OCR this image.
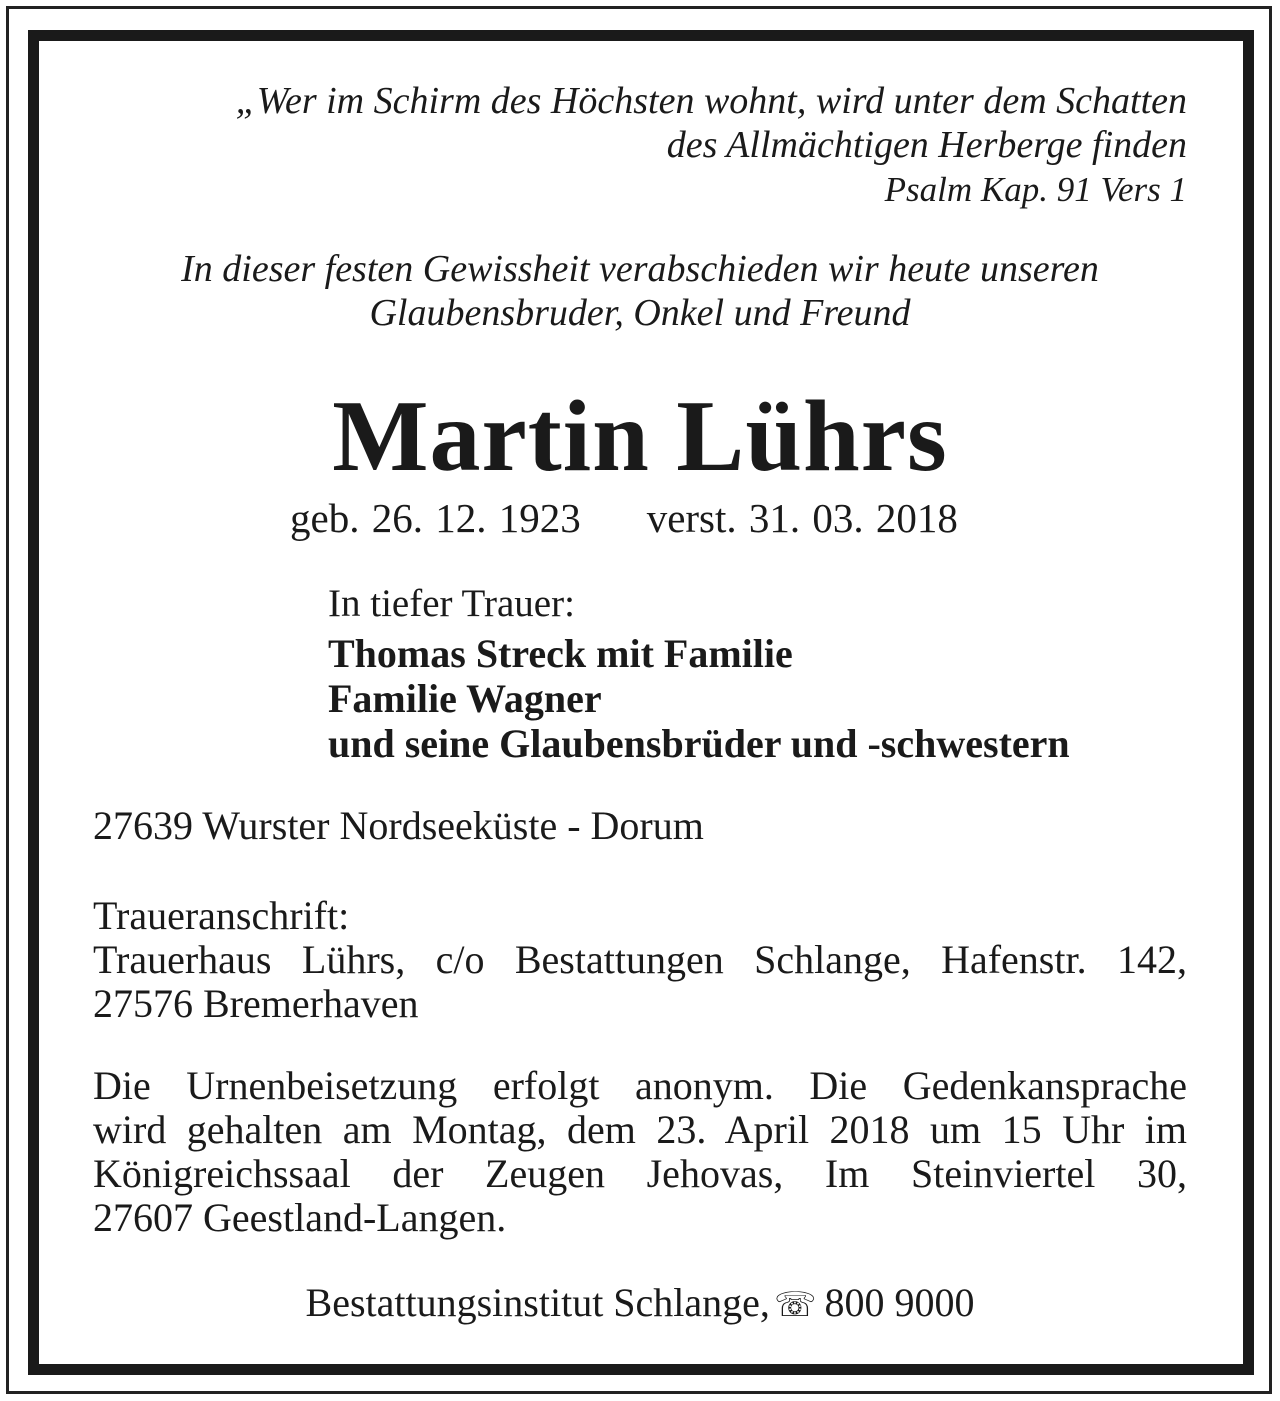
„Wer im Schirm des Höchsten wohnt, wird unter dem Schatten
des Allmächtigen Herberge finden
Psalm Kap. 91 Vers 1
In dieser festen Gewissheit verabschieden wir heute unseren
Glaubensbruder, Onkel und Freund
Martin Lührs
geb. 26. 12. 1923 verst. 31. 03. 2018
In tiefer Trauer:
Thomas Streck mit Familie
Familie Wagner
und seine Glaubensbrüder und -schwestern
27639 Wurster Nordseeküste - Dorum
Traueranschrift:
Trauerhaus Lührs, c/o Bestattungen Schlange, Hafenstr. 142,
27576 Bremerhaven
Die Urnenbeisetzung erfolgt anonym. Die Gedenkansprache
wird gehalten am Montag, dem 23. April 2018 um 15 Uhr im
Königreichssaal der Zeugen Jehovas, Im Steinviertel 30,
27607 Geestland-Langen.
Bestattungsinstitut Schlange, ☏ 800 9000
